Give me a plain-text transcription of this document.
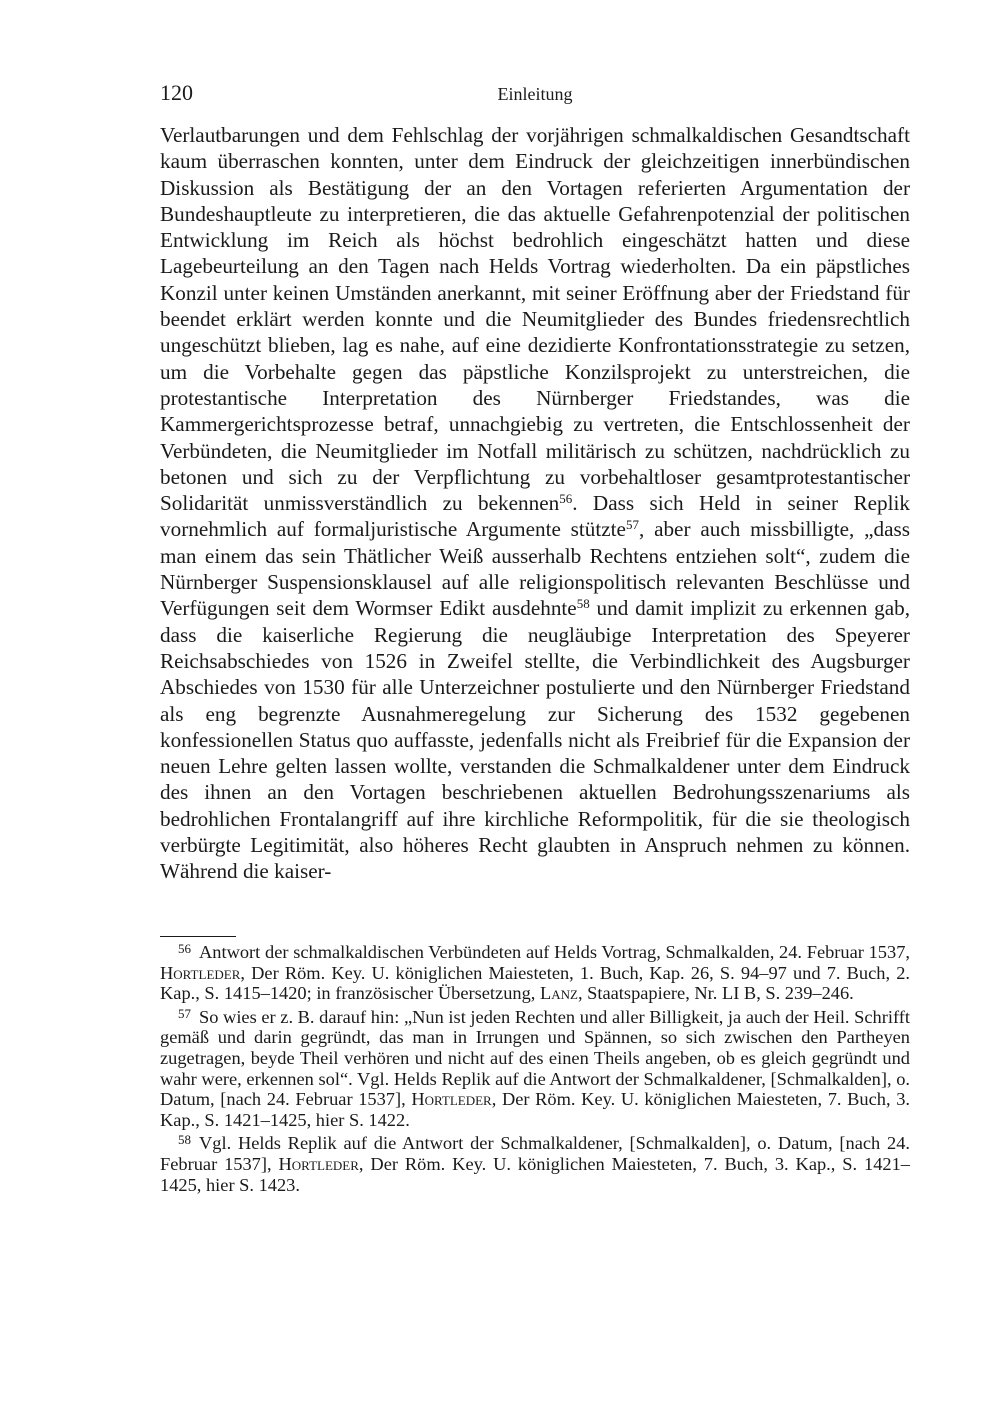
120	Einleitung

Verlautbarungen und dem Fehlschlag der vorjährigen schmalkaldischen Gesandtschaft kaum überraschen konnten, unter dem Eindruck der gleichzeitigen innerbündischen Diskussion als Bestätigung der an den Vortagen referierten Argumentation der Bundeshauptleute zu interpretieren, die das aktuelle Gefahrenpotenzial der politischen Entwicklung im Reich als höchst bedrohlich eingeschätzt hatten und diese Lagebeurteilung an den Tagen nach Helds Vortrag wiederholten. Da ein päpstliches Konzil unter keinen Umständen anerkannt, mit seiner Eröffnung aber der Friedstand für beendet erklärt werden konnte und die Neumitglieder des Bundes friedensrechtlich ungeschützt blieben, lag es nahe, auf eine dezidierte Konfrontationsstrategie zu setzen, um die Vorbehalte gegen das päpstliche Konzilsprojekt zu unterstreichen, die protestantische Interpretation des Nürnberger Friedstandes, was die Kammergerichtsprozesse betraf, unnachgiebig zu vertreten, die Entschlossenheit der Verbündeten, die Neumitglieder im Notfall militärisch zu schützen, nachdrücklich zu betonen und sich zu der Verpflichtung zu vorbehaltloser gesamtprotestantischer Solidarität unmissverständlich zu bekennen$^{56}$. Dass sich Held in seiner Replik vornehmlich auf formaljuristische Argumente stützte$^{57}$, aber auch missbilligte, „dass man einem das sein Thätlicher Weiß ausserhalb Rechtens entziehen solt“, zudem die Nürnberger Suspensionsklausel auf alle religionspolitisch relevanten Beschlüsse und Verfügungen seit dem Wormser Edikt ausdehnte$^{58}$ und damit implizit zu erkennen gab, dass die kaiserliche Regierung die neugläubige Interpretation des Speyerer Reichsabschiedes von 1526 in Zweifel stellte, die Verbindlichkeit des Augsburger Abschiedes von 1530 für alle Unterzeichner postulierte und den Nürnberger Friedstand als eng begrenzte Ausnahmeregelung zur Sicherung des 1532 gegebenen konfessionellen Status quo auffasste, jedenfalls nicht als Freibrief für die Expansion der neuen Lehre gelten lassen wollte, verstanden die Schmalkaldener unter dem Eindruck des ihnen an den Vortagen beschriebenen aktuellen Bedrohungsszenariums als bedrohlichen Frontalangriff auf ihre kirchliche Reformpolitik, für die sie theologisch verbürgte Legitimität, also höheres Recht glaubten in Anspruch nehmen zu können. Während die kaiser-

$^{56}$ Antwort der schmalkaldischen Verbündeten auf Helds Vortrag, Schmalkalden, 24. Februar 1537, Hortleder, Der Röm. Key. U. königlichen Maiesteten, 1. Buch, Kap. 26, S. 94–97 und 7. Buch, 2. Kap., S. 1415–1420; in französischer Übersetzung, Lanz, Staatspapiere, Nr. LI B, S. 239–246.

$^{57}$ So wies er z. B. darauf hin: „Nun ist jeden Rechten und aller Billigkeit, ja auch der Heil. Schrifft gemäß und darin gegründt, das man in Irrungen und Spännen, so sich zwischen den Partheyen zugetragen, beyde Theil verhören und nicht auf des einen Theils angeben, ob es gleich gegründt und wahr were, erkennen sol“. Vgl. Helds Replik auf die Antwort der Schmalkaldener, [Schmalkalden], o. Datum, [nach 24. Februar 1537], Hortleder, Der Röm. Key. U. königlichen Maiesteten, 7. Buch, 3. Kap., S. 1421–1425, hier S. 1422.

$^{58}$ Vgl. Helds Replik auf die Antwort der Schmalkaldener, [Schmalkalden], o. Datum, [nach 24. Februar 1537], Hortleder, Der Röm. Key. U. königlichen Maiesteten, 7. Buch, 3. Kap., S. 1421–1425, hier S. 1423.
